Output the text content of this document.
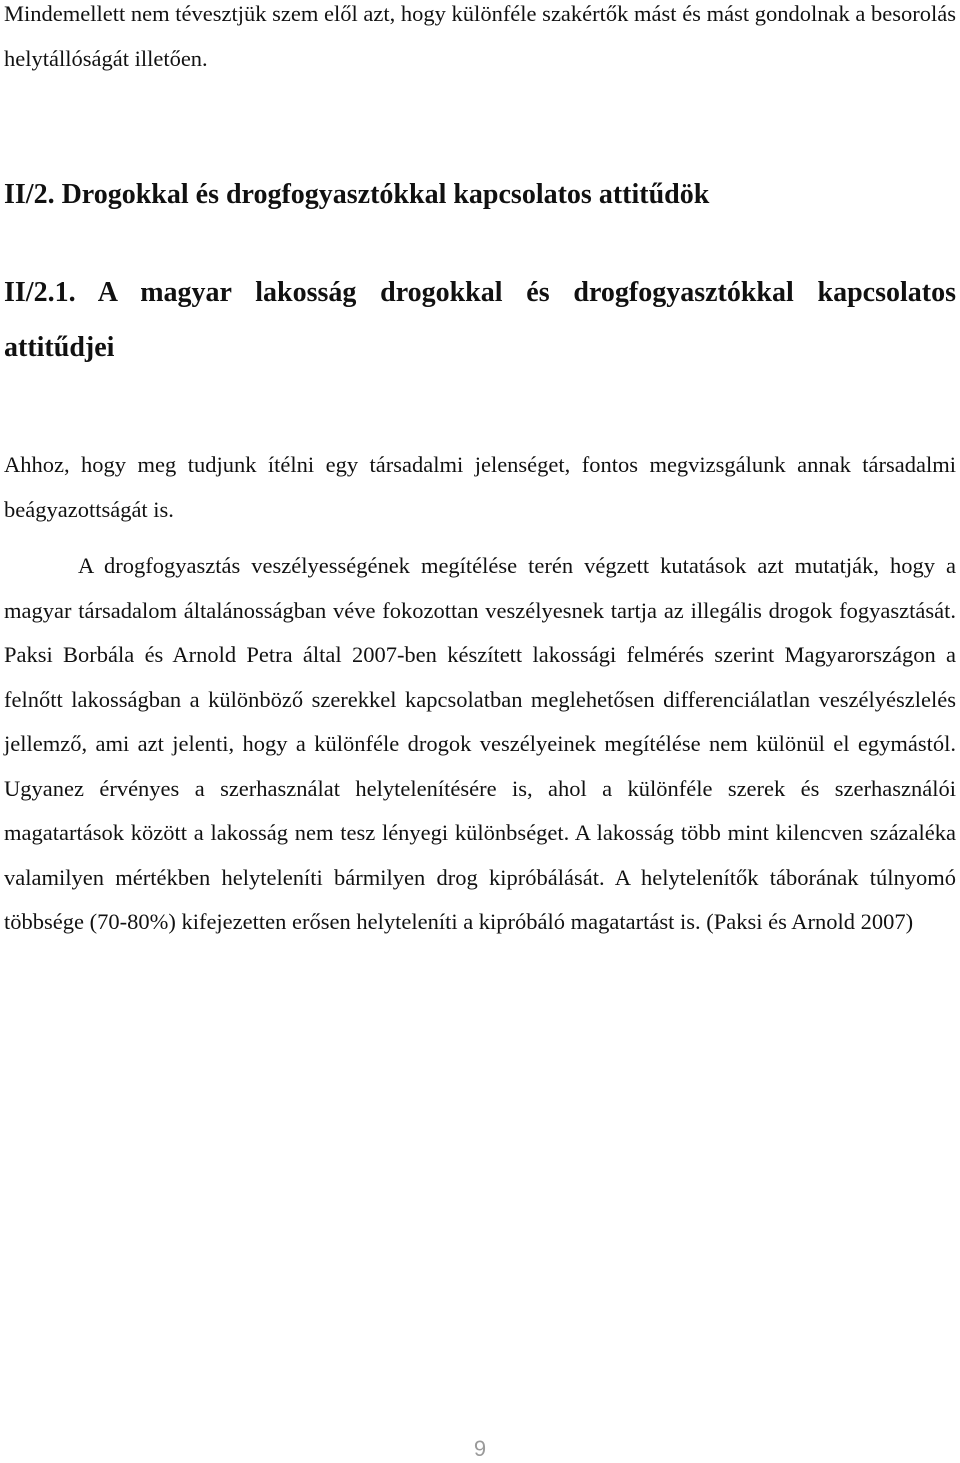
Mindemellett nem tévesztjük szem elől azt, hogy különféle szakértők mást és mást gondolnak a besorolás helytállóságát illetően.

II/2. Drogokkal és drogfogyasztókkal kapcsolatos attitűdök
II/2.1. A magyar lakosság drogokkal és drogfogyasztókkal kapcsolatos attitűdjei

Ahhoz, hogy meg tudjunk ítélni egy társadalmi jelenséget, fontos megvizsgálunk annak társadalmi beágyazottságát is.

A drogfogyasztás veszélyességének megítélése terén végzett kutatások azt mutatják, hogy a magyar társadalom általánosságban véve fokozottan veszélyesnek tartja az illegális drogok fogyasztását. Paksi Borbála és Arnold Petra által 2007-ben készített lakossági felmérés szerint Magyarországon a felnőtt lakosságban a különböző szerekkel kapcsolatban meglehetősen differenciálatlan veszélyészlelés jellemző, ami azt jelenti, hogy a különféle drogok veszélyeinek megítélése nem különül el egymástól. Ugyanez érvényes a szerhasználat helytelenítésére is, ahol a különféle szerek és szerhasználói magatartások között a lakosság nem tesz lényegi különbséget. A lakosság több mint kilencven százaléka valamilyen mértékben helyteleníti bármilyen drog kipróbálását. A helytelenítők táborának túlnyomó többsége (70-80%) kifejezetten erősen helyteleníti a kipróbáló magatartást is. (Paksi és Arnold 2007)

9
